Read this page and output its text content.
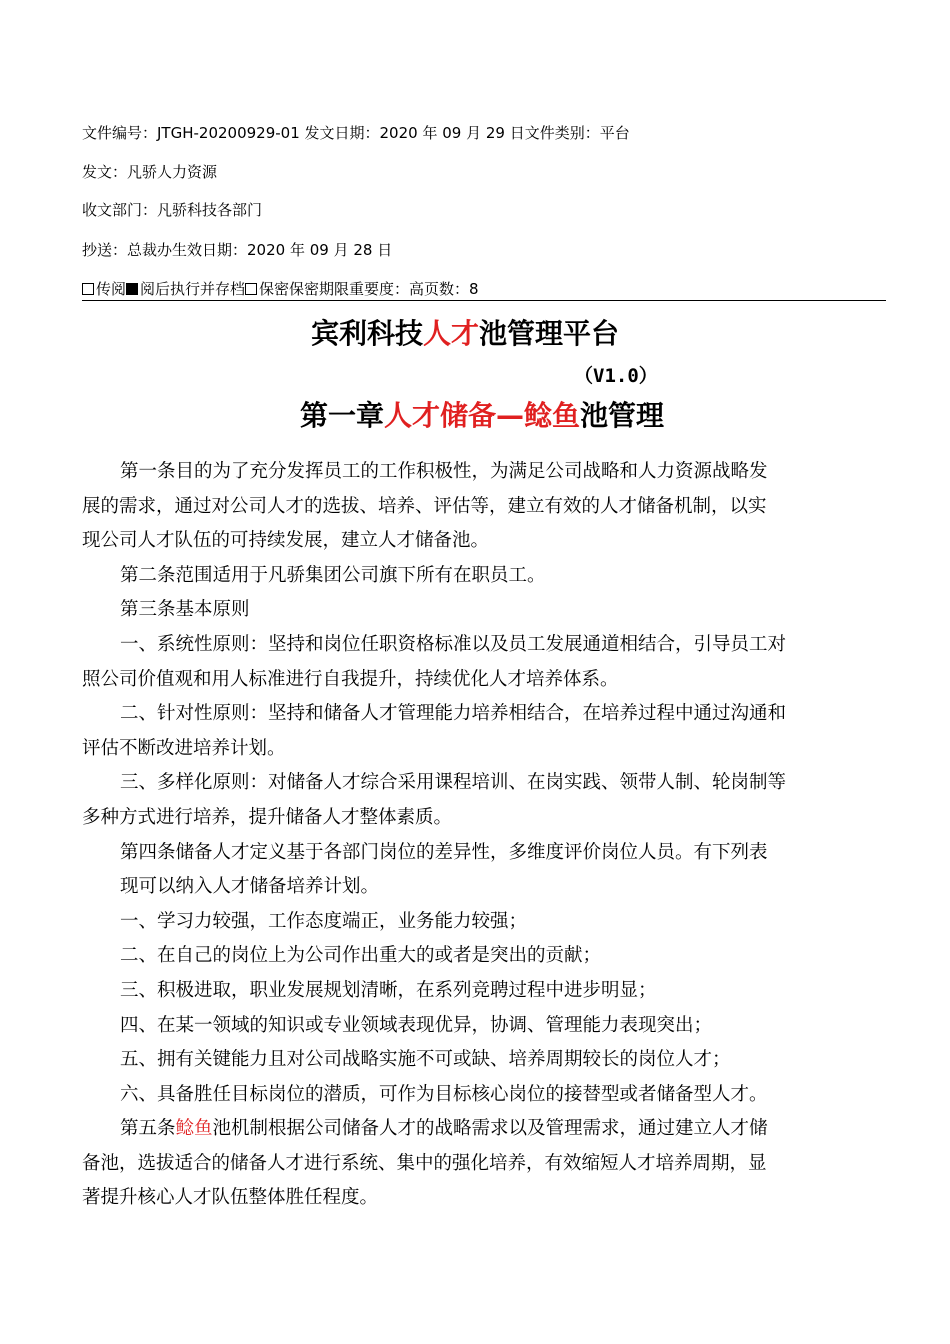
文件编号：JTGH-20200929-01 发文日期：2020 年 09 月 29 日文件类别：平台
发文：凡骄人力资源
收文部门：凡骄科技各部门
抄送：总裁办生效日期：2020 年 09 月 28 日
传阅 阅后执行并存档 保密保密期限重要度：高页数：8
宾利科技人才池管理平台
（V1.0）
第一章人才储备—鲶鱼池管理

第一条目的为了充分发挥员工的工作积极性，为满足公司战略和人力资源战略发

展的需求，通过对公司人才的选拔、培养、评估等，建立有效的人才储备机制，以实

现公司人才队伍的可持续发展，建立人才储备池。

第二条范围适用于凡骄集团公司旗下所有在职员工。

第三条基本原则

一、系统性原则：坚持和岗位任职资格标准以及员工发展通道相结合，引导员工对

照公司价值观和用人标准进行自我提升，持续优化人才培养体系。

二、针对性原则：坚持和储备人才管理能力培养相结合，在培养过程中通过沟通和

评估不断改进培养计划。

三、多样化原则：对储备人才综合采用课程培训、在岗实践、领带人制、轮岗制等

多种方式进行培养，提升储备人才整体素质。

第四条储备人才定义基于各部门岗位的差异性，多维度评价岗位人员。有下列表

现可以纳入人才储备培养计划。

一、学习力较强，工作态度端正，业务能力较强；

二、在自己的岗位上为公司作出重大的或者是突出的贡献；

三、积极进取，职业发展规划清晰，在系列竞聘过程中进步明显；

四、在某一领域的知识或专业领域表现优异，协调、管理能力表现突出；

五、拥有关键能力且对公司战略实施不可或缺、培养周期较长的岗位人才；

六、具备胜任目标岗位的潜质，可作为目标核心岗位的接替型或者储备型人才。

第五条鲶鱼池机制根据公司储备人才的战略需求以及管理需求，通过建立人才储

备池，选拔适合的储备人才进行系统、集中的强化培养，有效缩短人才培养周期，显

著提升核心人才队伍整体胜任程度。
